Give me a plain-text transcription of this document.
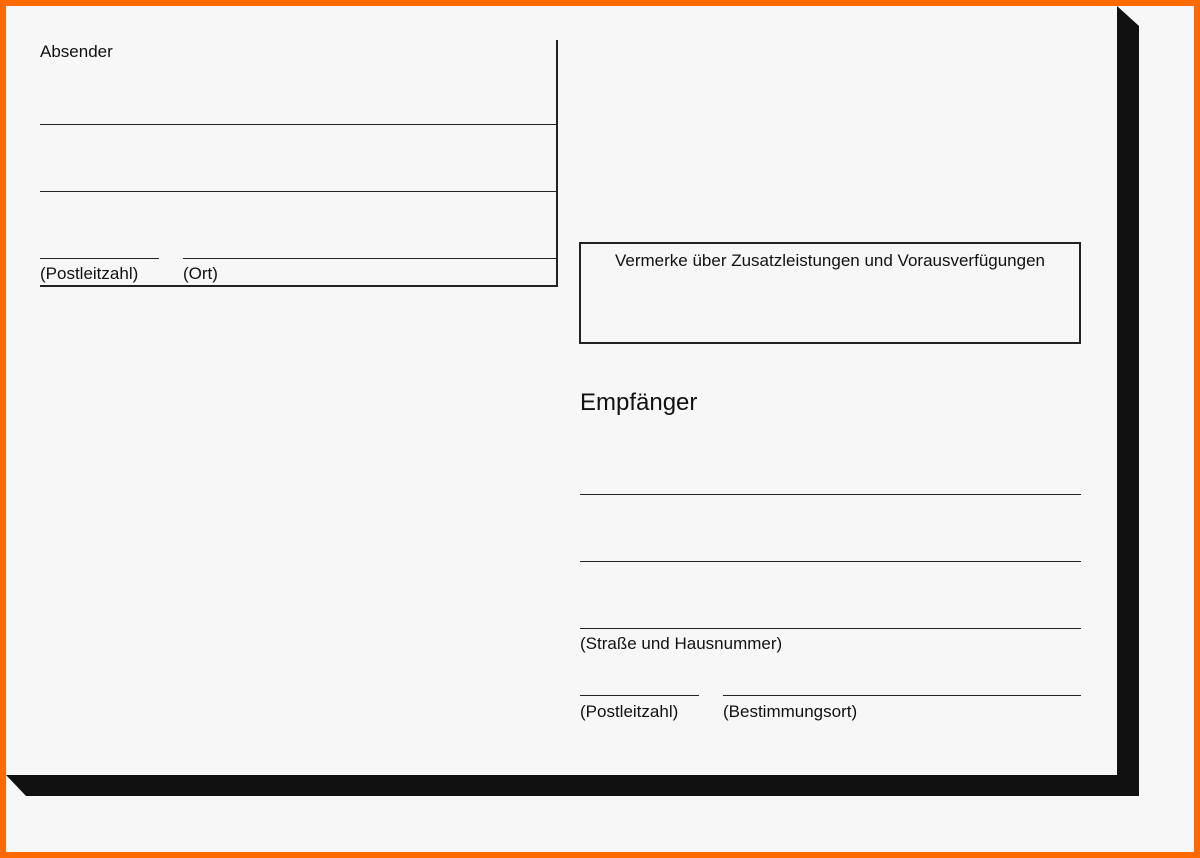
Absender
(Postleitzahl)	(Ort)
Vermerke über Zusatzleistungen und Vorausverfügungen
Empfänger
(Straße und Hausnummer)
(Postleitzahl)	(Bestimmungsort)
